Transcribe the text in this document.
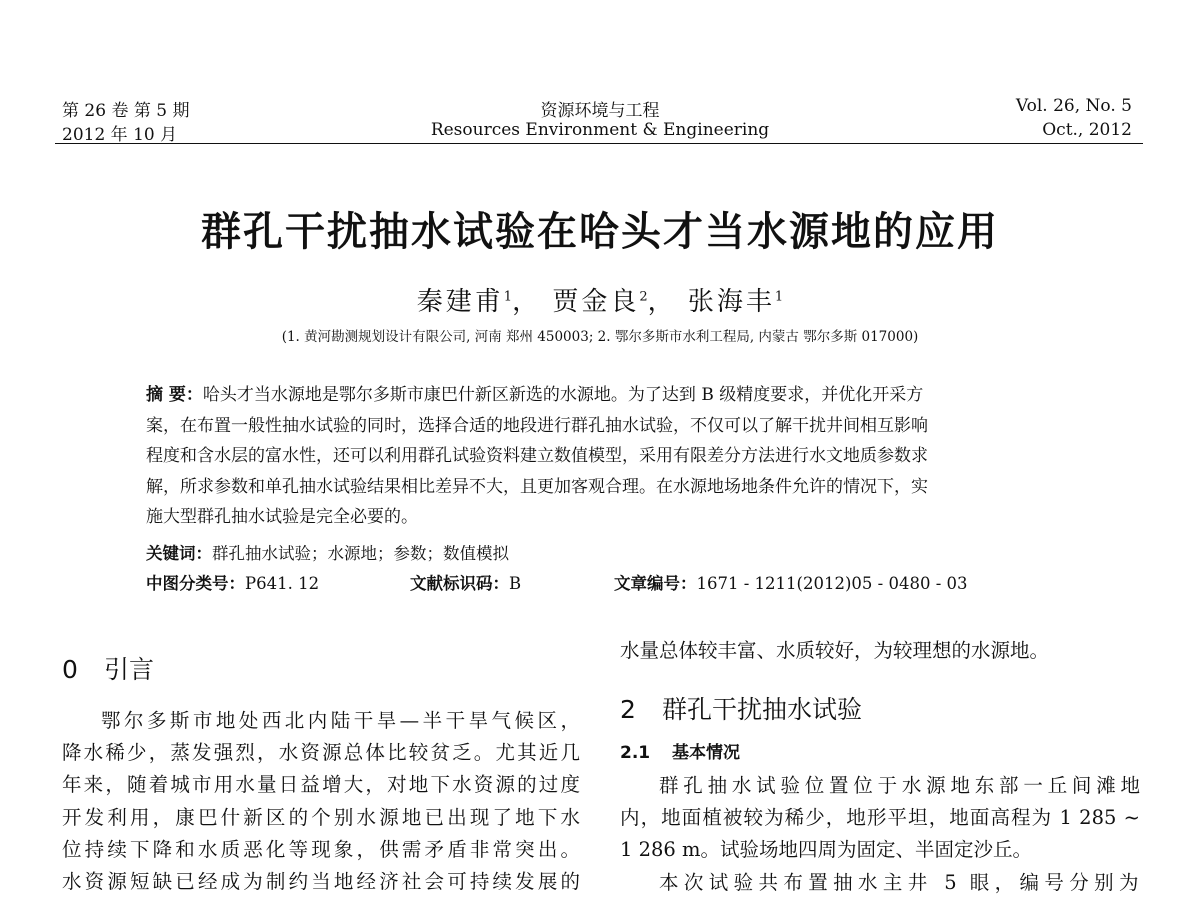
第 26 卷 第 5 期
2012 年 10 月
资源环境与工程
Resources Environment & Engineering
Vol. 26, No. 5
Oct., 2012
群孔干扰抽水试验在哈头才当水源地的应用
秦建甫$^1$， 贾金良$^2$， 张海丰$^1$
(1. 黄河勘测规划设计有限公司, 河南 郑州 450003; 2. 鄂尔多斯市水利工程局, 内蒙古 鄂尔多斯 017000)
摘 要：哈头才当水源地是鄂尔多斯市康巴什新区新选的水源地。为了达到 B 级精度要求，并优化开采方
案，在布置一般性抽水试验的同时，选择合适的地段进行群孔抽水试验，不仅可以了解干扰井间相互影响
程度和含水层的富水性，还可以利用群孔试验资料建立数值模型，采用有限差分方法进行水文地质参数求
解，所求参数和单孔抽水试验结果相比差异不大，且更加客观合理。在水源地场地条件允许的情况下，实
施大型群孔抽水试验是完全必要的。
关键词：群孔抽水试验；水源地；参数；数值模拟
中图分类号：P641. 12	文献标识码：B	文章编号：1671 - 1211(2012)05 - 0480 - 03
0 引言

鄂尔多斯市地处西北内陆干旱—半干旱气候区，

降水稀少，蒸发强烈，水资源总体比较贫乏。尤其近几

年来，随着城市用水量日益增大，对地下水资源的过度

开发利用，康巴什新区的个别水源地已出现了地下水

位持续下降和水质恶化等现象，供需矛盾非常突出。

水资源短缺已经成为制约当地经济社会可持续发展的

水量总体较丰富、水质较好，为较理想的水源地。

2 群孔干扰抽水试验
2.1 基本情况

群孔抽水试验位置位于水源地东部一丘间滩地

内，地面植被较为稀少，地形平坦，地面高程为 1 285 ~

1 286 m。试验场地四周为固定、半固定沙丘。

本次试验共布置抽水主井 5 眼，编号分别为
